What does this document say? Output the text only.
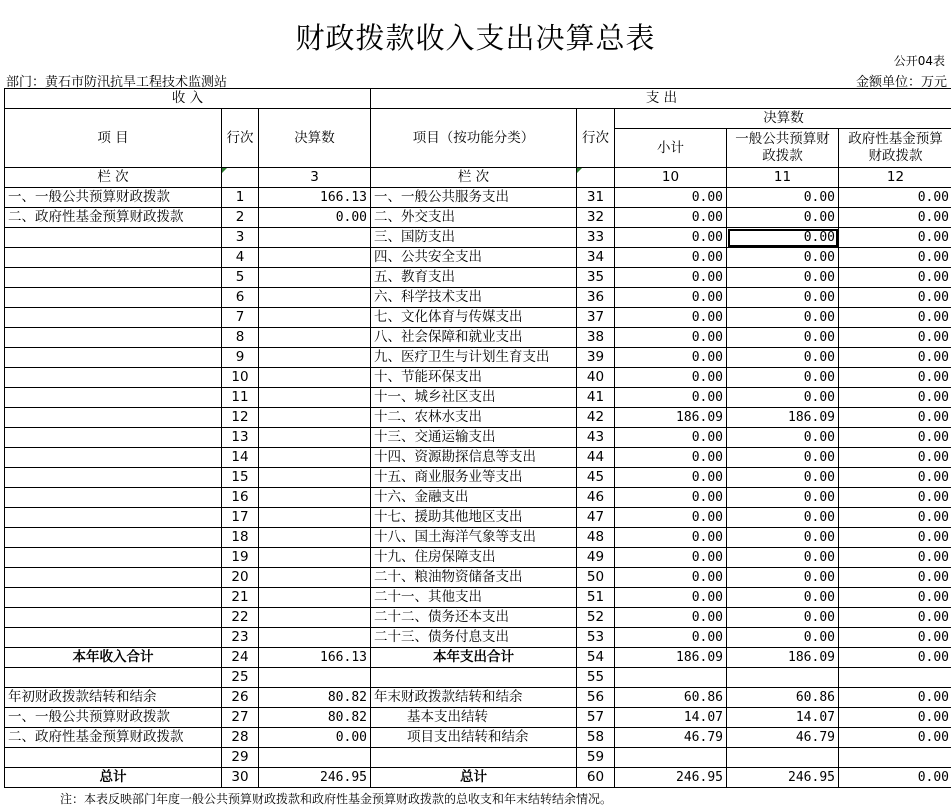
财政拨款收入支出决算总表
公开04表
部门：黄石市防汛抗旱工程技术监测站	金额单位：万元
收 入			支 出				
项 目	行次	决算数	项目（按功能分类）	行次	决算数		
					小计	一般公共预算财政拨款	政府性基金预算财政拨款
栏 次		3	栏 次		10	11	12
一、一般公共预算财政拨款	1	166.13	一、一般公共服务支出	31	0.00	0.00	0.00
二、政府性基金预算财政拨款	2	0.00	二、外交支出	32	0.00	0.00	0.00
	3		三、国防支出	33	0.00	0.00	0.00
	4		四、公共安全支出	34	0.00	0.00	0.00
	5		五、教育支出	35	0.00	0.00	0.00
	6		六、科学技术支出	36	0.00	0.00	0.00
	7		七、文化体育与传媒支出	37	0.00	0.00	0.00
	8		八、社会保障和就业支出	38	0.00	0.00	0.00
	9		九、医疗卫生与计划生育支出	39	0.00	0.00	0.00
	10		十、节能环保支出	40	0.00	0.00	0.00
	11		十一、城乡社区支出	41	0.00	0.00	0.00
	12		十二、农林水支出	42	186.09	186.09	0.00
	13		十三、交通运输支出	43	0.00	0.00	0.00
	14		十四、资源勘探信息等支出	44	0.00	0.00	0.00
	15		十五、商业服务业等支出	45	0.00	0.00	0.00
	16		十六、金融支出	46	0.00	0.00	0.00
	17		十七、援助其他地区支出	47	0.00	0.00	0.00
	18		十八、国土海洋气象等支出	48	0.00	0.00	0.00
	19		十九、住房保障支出	49	0.00	0.00	0.00
	20		二十、粮油物资储备支出	50	0.00	0.00	0.00
	21		二十一、其他支出	51	0.00	0.00	0.00
	22		二十二、债务还本支出	52	0.00	0.00	0.00
	23		二十三、债务付息支出	53	0.00	0.00	0.00
本年收入合计	24	166.13	本年支出合计	54	186.09	186.09	0.00
	25			55			
年初财政拨款结转和结余	26	80.82	年末财政拨款结转和结余	56	60.86	60.86	0.00
一、一般公共预算财政拨款	27	80.82	基本支出结转	57	14.07	14.07	0.00
二、政府性基金预算财政拨款	28	0.00	项目支出结转和结余	58	46.79	46.79	0.00
	29			59			
总计	30	246.95	总计	60	246.95	246.95	0.00
注：本表反映部门年度一般公共预算财政拨款和政府性基金预算财政拨款的总收支和年末结转结余情况。
